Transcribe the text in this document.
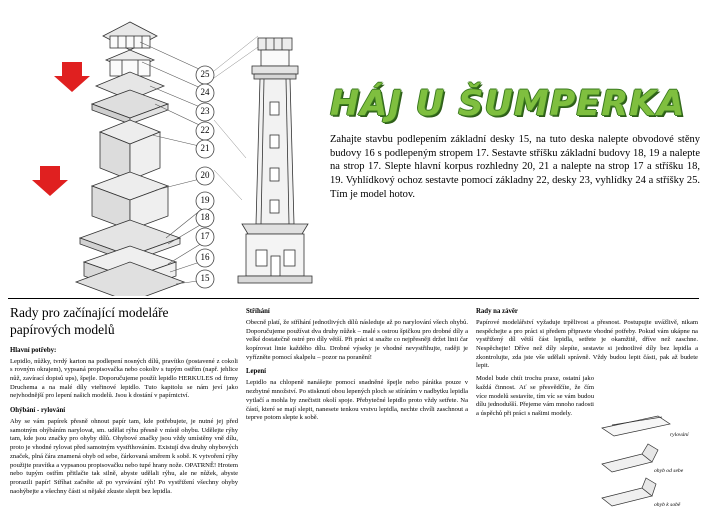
25
24
23
22
21
20
19
18
17
16
15
HÁJ U ŠUMPERKA
Zahajte stavbu podlepením základní desky 15, na tuto deska nalepte obvodové stěny budovy 16 s podlepeným stropem 17. Sestavte stříšku základní budovy 18, 19 a nalepte na strop 17. Slepte hlavní korpus rozhledny 20, 21 a nalepte na strop 17 a stříšku 18, 19. Vyhlídkový ochoz sestavte pomocí základny 22, desky 23, vyhlídky 24 a stříšky 25. Tím je model hotov.
Rady pro začínající modeláře
papírových modelů
Hlavní potřeby:

Lepidlo, nůžky, tvrdý karton na podlepení nosných dílů, pravítko (postavené z cokoli s rovným okrajem), vypsaná propisovačka nebo cokoliv s tupým ostřím (např. jehlice nůž, zavírací dopisů ups), špejle. Doporučujeme použít lepidlo HERKULES od firmy Druchema a na malé díly vteřinové lepidlo. Tuto kapitolu se nám jeví jako nejvhodnější pro lepení našich modelů. Jsou k dostání v papírnictví.

Ohýbání - rylování

Aby se vám papírek přesně ohnout papír tam, kde potřebujete, je nutné jej před samotným ohýbáním narylovat, sm. udělat rýhu přesně v místě ohybu. Udělejte rýhy tam, kde jsou značky pro ohyby dílů. Ohybové značky jsou vždy umístěny vně dílu, proto je vhodné rylovat před samotným vystřihováním. Existují dva druhy ohybových značek, plná čára znamená ohyb od sebe, čárkovaná směrem k sobě. K vytvoření rýhy použijte pravítka a vypsanou propisovačku nebo tupé hrany nože. OPATRNĚ! Hrotem nebo tupým ostřím přitlačte tak silně, abyste udělali rýhu, ale ne nůžek, abyste prorazili papír! Stříhat začněte až po vyrvávání rýh! Po vystřižení všechny ohyby naohýbejte a všechny části si nějaké zkuste slepit bez lepidla.

Stříhání

Obecně platí, že stříhání jednotlivých dílů následuje až po narylování všech ohybů. Doporučujeme používat dva druhy nůžek – malé s ostrou špičkou pro drobné díly a velké dostatečně ostré pro díly větší. Při práci si snažte co nejpřesněji držet linii čar kopírovat linie každého dílu. Drobné výseky je vhodné nevystřihujte, raději je vyřízněte pomocí skalpelu – pozor na poranění!

Lepení

Lepidlo na chlopeně nanášejte pomocí snadněné špejle nebo párátka pouze v nezbytné množství. Po stisknutí obou lepených ploch se stíráním v nadbytku lepidla vytlačí a mohla by znečistit okolí spoje. Přebytečné lepidlo proto vždy setřete. Na částí, které se mají slepit, nanesete tenkou vrstvu lepidla, nechte chvíli zaschnout a teprve potom slepte k sobě.

Rady na závěr

Papírové modelářství vyžaduje trpělivost a přesnost. Postupujte uvážlivě, nikam nespěchejte a pro práci si předem připravte vhodné potřeby. Pokud vám ukápne na vystřižený díl větší část lepidla, setřete je okamžitě, dříve než zaschne. Nespěchejte! Dříve než díly slepíte, sestavte si jednotlivé díly bez lepidla a zkontrolujte, zda jste vše udělali správně. Vždy budou lepit části, pak až budete lepit.

Model bude chtít trochu praxe, ostatní jako každá činnost. Ať se přesvědčíte, že čím více modelů sestavíte, tím víc se vám budou dílu jednodušší. Přejeme vám mnoho radosti a úspěchů při práci s našimi modely.

rylování
ohyb od sebe
ohyb k sobě
